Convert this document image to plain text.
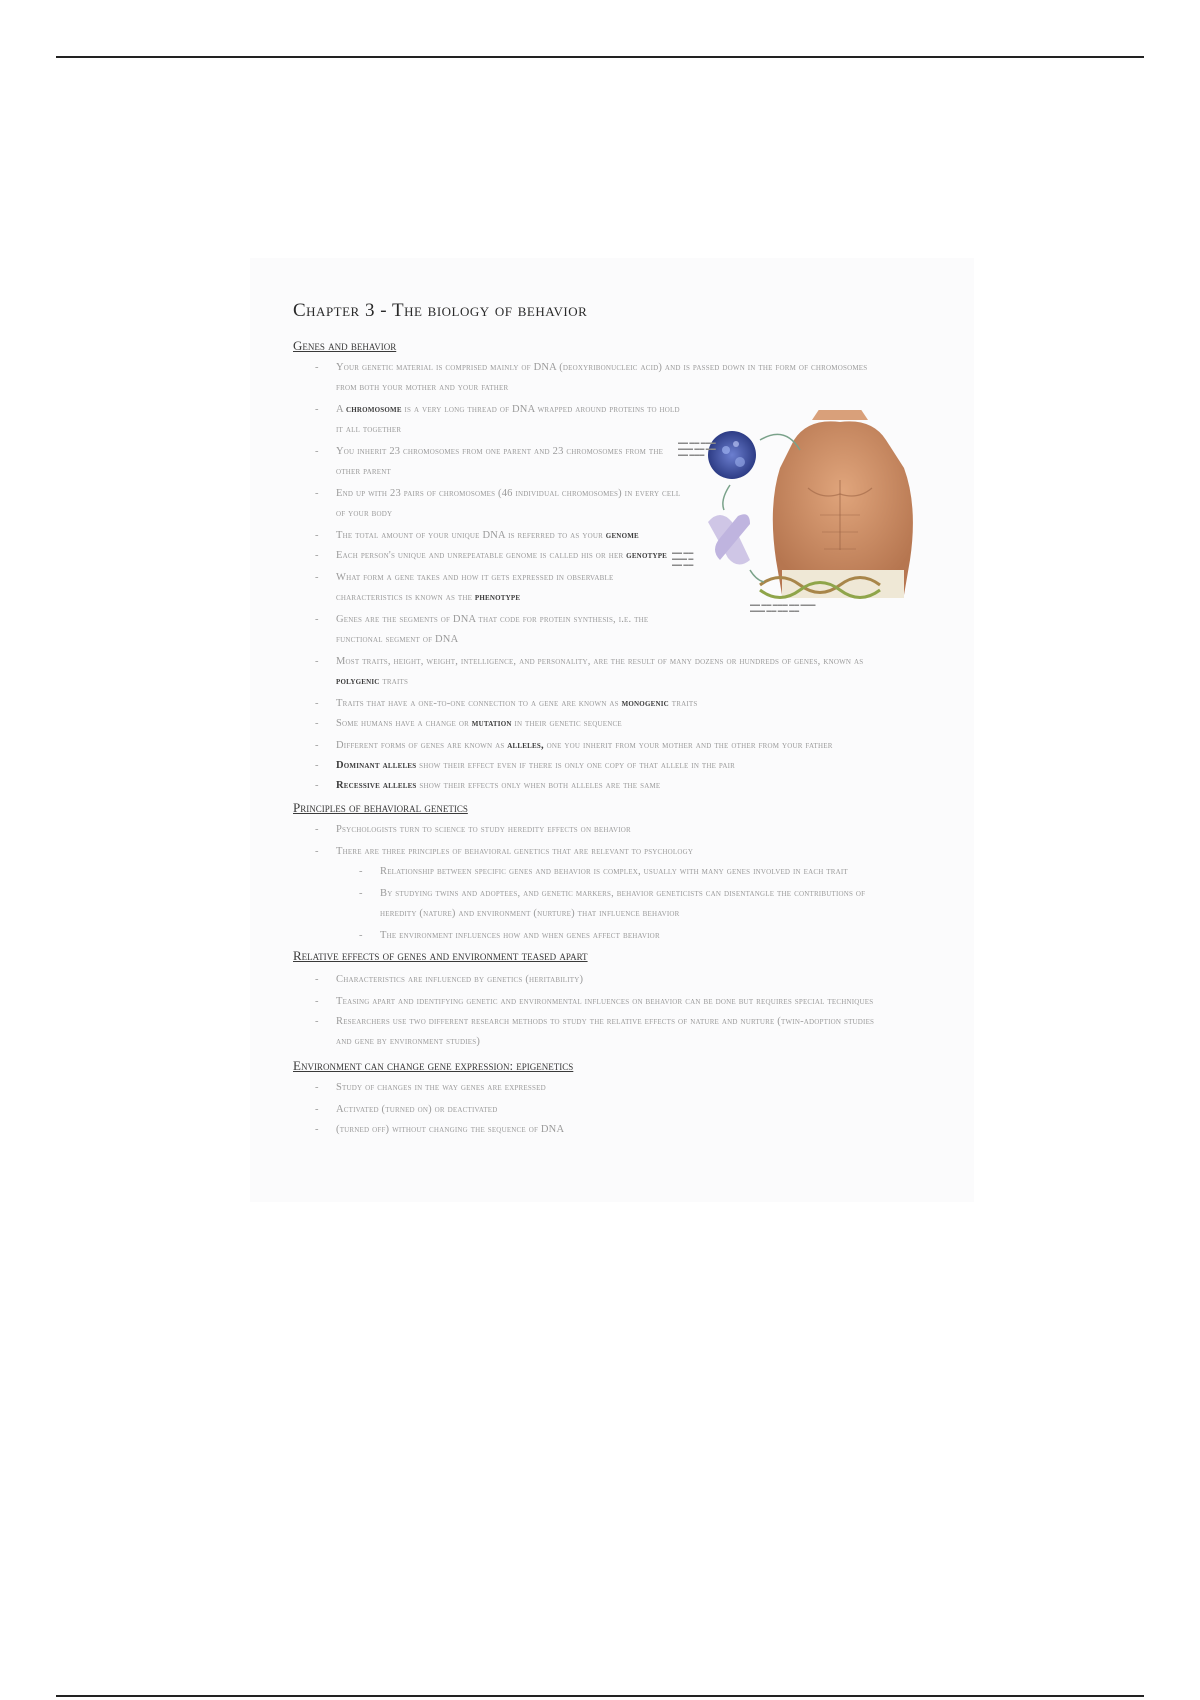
Chapter 3 - The biology of behavior
Genes and behavior
- Your genetic material is comprised mainly of DNA (deoxyribonucleic acid) and is passed down in the form of chromosomes from both your mother and your father
- A chromosome is a very long thread of DNA wrapped around proteins to hold it all together
- You inherit 23 chromosomes from one parent and 23 chromosomes from the other parent
- End up with 23 pairs of chromosomes (46 individual chromosomes) in every cell of your body
- The total amount of your unique DNA is referred to as your genome
- Each person's unique and unrepeatable genome is called his or her genotype
- What form a gene takes and how it gets expressed in observable characteristics is known as the phenotype
- Genes are the segments of DNA that code for protein synthesis, i.e. the functional segment of DNA
- Most traits, height, weight, intelligence, and personality, are the result of many dozens or hundreds of genes, known as polygenic traits
- Traits that have a one-to-one connection to a gene are known as monogenic traits
- Some humans have a change or mutation in their genetic sequence
- Different forms of genes are known as alleles, one you inherit from your mother and the other from your father
- Dominant alleles show their effect even if there is only one copy of that allele in the pair
- Recessive alleles show their effects only when both alleles are the same
Principles of behavioral genetics
- Psychologists turn to science to study heredity effects on behavior
- There are three principles of behavioral genetics that are relevant to psychology
- Relationship between specific genes and behavior is complex, usually with many genes involved in each trait
- By studying twins and adoptees, and genetic markers, behavior geneticists can disentangle the contributions of heredity (nature) and environment (nurture) that influence behavior
- The environment influences how and when genes affect behavior
Relative effects of genes and environment teased apart
- Characteristics are influenced by genetics (heritability)
- Teasing apart and identifying genetic and environmental influences on behavior can be done but requires special techniques
- Researchers use two different research methods to study the relative effects of nature and nurture (twin-adoption studies and gene by environment studies)
Environment can change gene expression: epigenetics
- Study of changes in the way genes are expressed
- Activated (turned on) or deactivated
- (turned off) without changing the sequence of DNA
▬▬ ▬▬ ▬▬▬
▬▬▬ ▬▬ ▬▬
▬▬ ▬▬▬
▬▬ ▬▬
▬▬▬ ▬
▬▬ ▬▬
▬▬ ▬▬ ▬▬▬ ▬▬ ▬▬▬
▬▬▬ ▬▬ ▬▬ ▬▬
